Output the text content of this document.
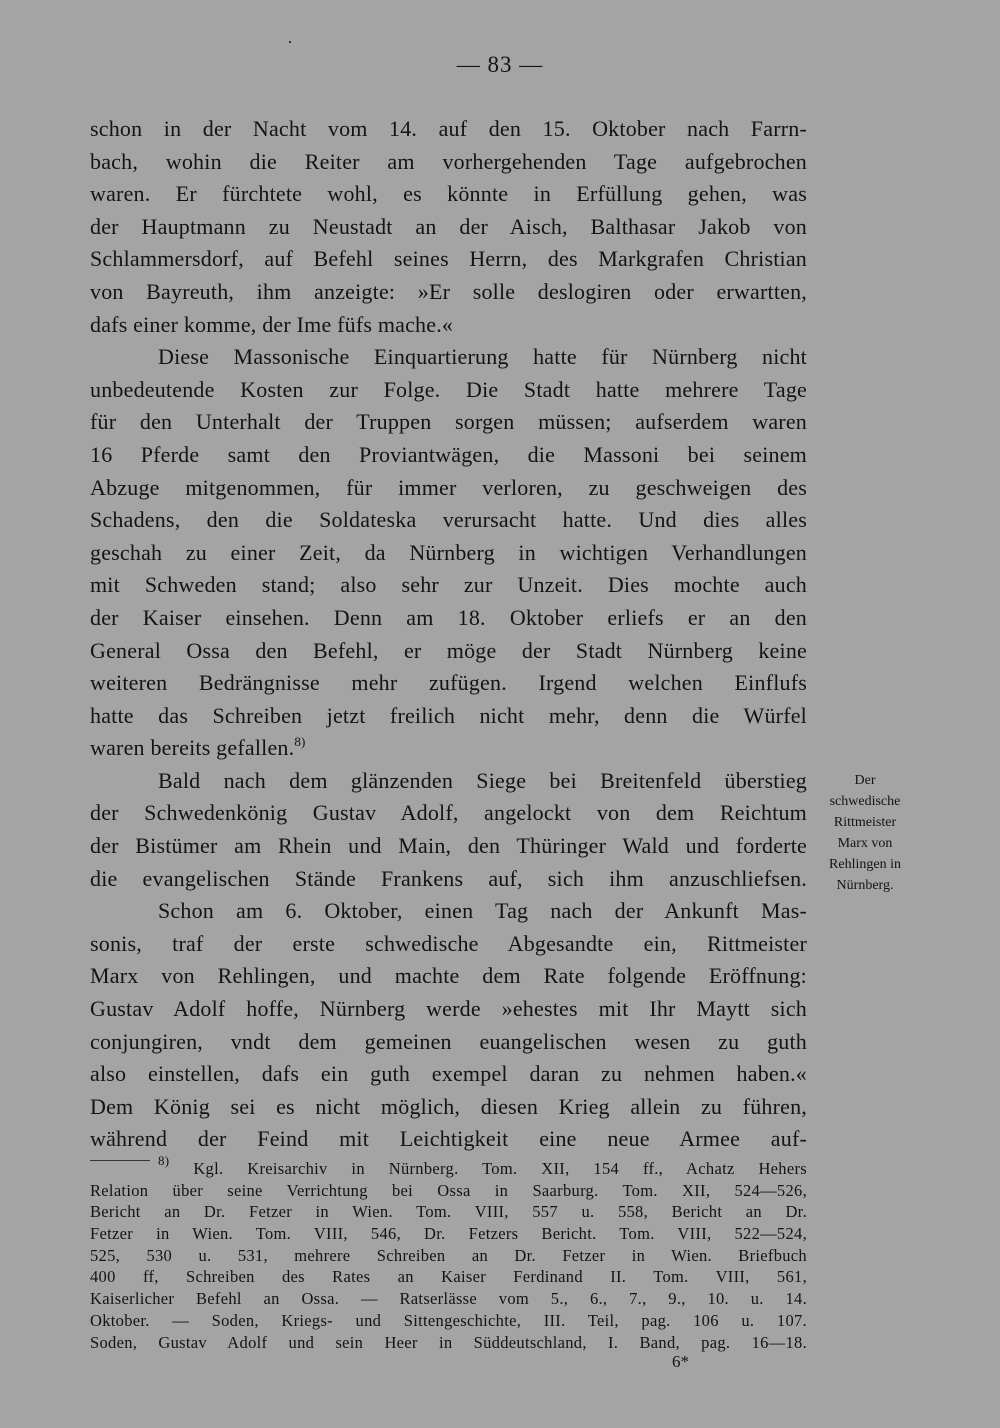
— 83 —
schon in der Nacht vom 14. auf den 15. Oktober nach Farrn-
bach, wohin die Reiter am vorhergehenden Tage aufgebrochen
waren. Er fürchtete wohl, es könnte in Erfüllung gehen, was
der Hauptmann zu Neustadt an der Aisch, Balthasar Jakob von
Schlammersdorf, auf Befehl seines Herrn, des Markgrafen Christian
von Bayreuth, ihm anzeigte: »Er solle deslogiren oder erwartten,
dafs einer komme, der Ime füfs mache.«
Diese Massonische Einquartierung hatte für Nürnberg nicht
unbedeutende Kosten zur Folge. Die Stadt hatte mehrere Tage
für den Unterhalt der Truppen sorgen müssen; aufserdem waren
16 Pferde samt den Proviantwägen, die Massoni bei seinem
Abzuge mitgenommen, für immer verloren, zu geschweigen des
Schadens, den die Soldateska verursacht hatte. Und dies alles
geschah zu einer Zeit, da Nürnberg in wichtigen Verhandlungen
mit Schweden stand; also sehr zur Unzeit. Dies mochte auch
der Kaiser einsehen. Denn am 18. Oktober erliefs er an den
General Ossa den Befehl, er möge der Stadt Nürnberg keine
weiteren Bedrängnisse mehr zufügen. Irgend welchen Einflufs
hatte das Schreiben jetzt freilich nicht mehr, denn die Würfel
waren bereits gefallen.$^{8)}$
Bald nach dem glänzenden Siege bei Breitenfeld überstieg
der Schwedenkönig Gustav Adolf, angelockt von dem Reichtum
der Bistümer am Rhein und Main, den Thüringer Wald und forderte
die evangelischen Stände Frankens auf, sich ihm anzuschliefsen.
Schon am 6. Oktober, einen Tag nach der Ankunft Mas-
sonis, traf der erste schwedische Abgesandte ein, Rittmeister
Marx von Rehlingen, und machte dem Rate folgende Eröffnung:
Gustav Adolf hoffe, Nürnberg werde »ehestes mit Ihr Maytt sich
conjungiren, vndt dem gemeinen euangelischen wesen zu guth
also einstellen, dafs ein guth exempel daran zu nehmen haben.«
Dem König sei es nicht möglich, diesen Krieg allein zu führen,
während der Feind mit Leichtigkeit eine neue Armee auf-
Der
schwedische
Rittmeister
Marx von
Rehlingen in
Nürnberg.
$^{8)}$ Kgl. Kreisarchiv in Nürnberg. Tom. XII, 154 ff., Achatz Hehers
Relation über seine Verrichtung bei Ossa in Saarburg. Tom. XII, 524—526,
Bericht an Dr. Fetzer in Wien. Tom. VIII, 557 u. 558, Bericht an Dr.
Fetzer in Wien. Tom. VIII, 546, Dr. Fetzers Bericht. Tom. VIII, 522—524,
525, 530 u. 531, mehrere Schreiben an Dr. Fetzer in Wien. Briefbuch
400 ff, Schreiben des Rates an Kaiser Ferdinand II. Tom. VIII, 561,
Kaiserlicher Befehl an Ossa. — Ratserlässe vom 5., 6., 7., 9., 10. u. 14.
Oktober. — Soden, Kriegs- und Sittengeschichte, III. Teil, pag. 106 u. 107.
Soden, Gustav Adolf und sein Heer in Süddeutschland, I. Band, pag. 16—18.
6*
